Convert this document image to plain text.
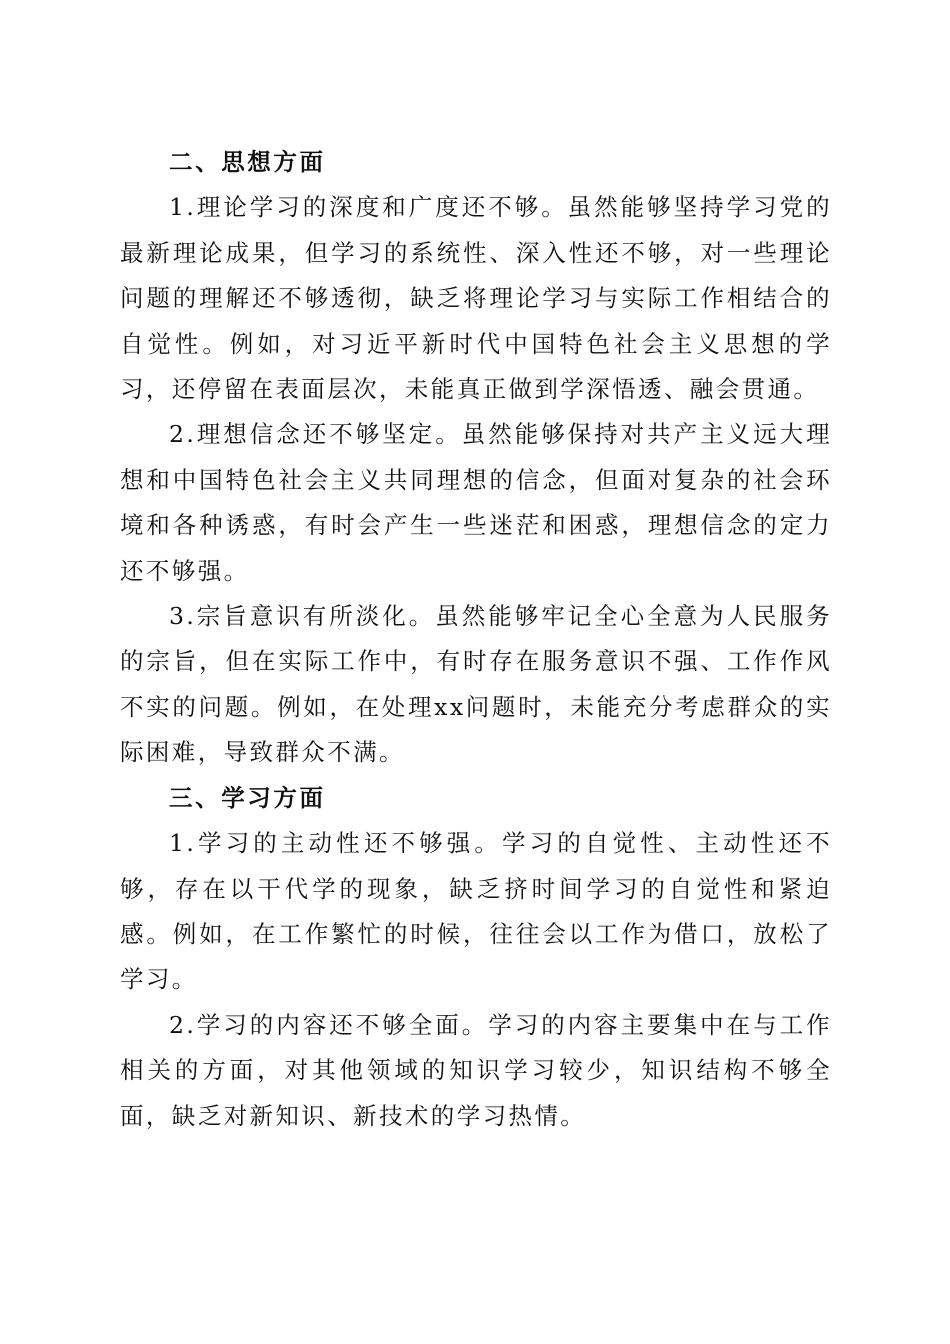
二、思想方面

1.理论学习的深度和广度还不够。虽然能够坚持学习党的最新理论成果，但学习的系统性、深入性还不够，对一些理论问题的理解还不够透彻，缺乏将理论学习与实际工作相结合的自觉性。例如，对习近平新时代中国特色社会主义思想的学习，还停留在表面层次，未能真正做到学深悟透、融会贯通。

2.理想信念还不够坚定。虽然能够保持对共产主义远大理想和中国特色社会主义共同理想的信念，但面对复杂的社会环境和各种诱惑，有时会产生一些迷茫和困惑，理想信念的定力还不够强。

3.宗旨意识有所淡化。虽然能够牢记全心全意为人民服务的宗旨，但在实际工作中，有时存在服务意识不强、工作作风不实的问题。例如，在处理xx问题时，未能充分考虑群众的实际困难，导致群众不满。

三、学习方面

1.学习的主动性还不够强。学习的自觉性、主动性还不够，存在以干代学的现象，缺乏挤时间学习的自觉性和紧迫感。例如，在工作繁忙的时候，往往会以工作为借口，放松了学习。

2.学习的内容还不够全面。学习的内容主要集中在与工作相关的方面，对其他领域的知识学习较少，知识结构不够全面，缺乏对新知识、新技术的学习热情。
